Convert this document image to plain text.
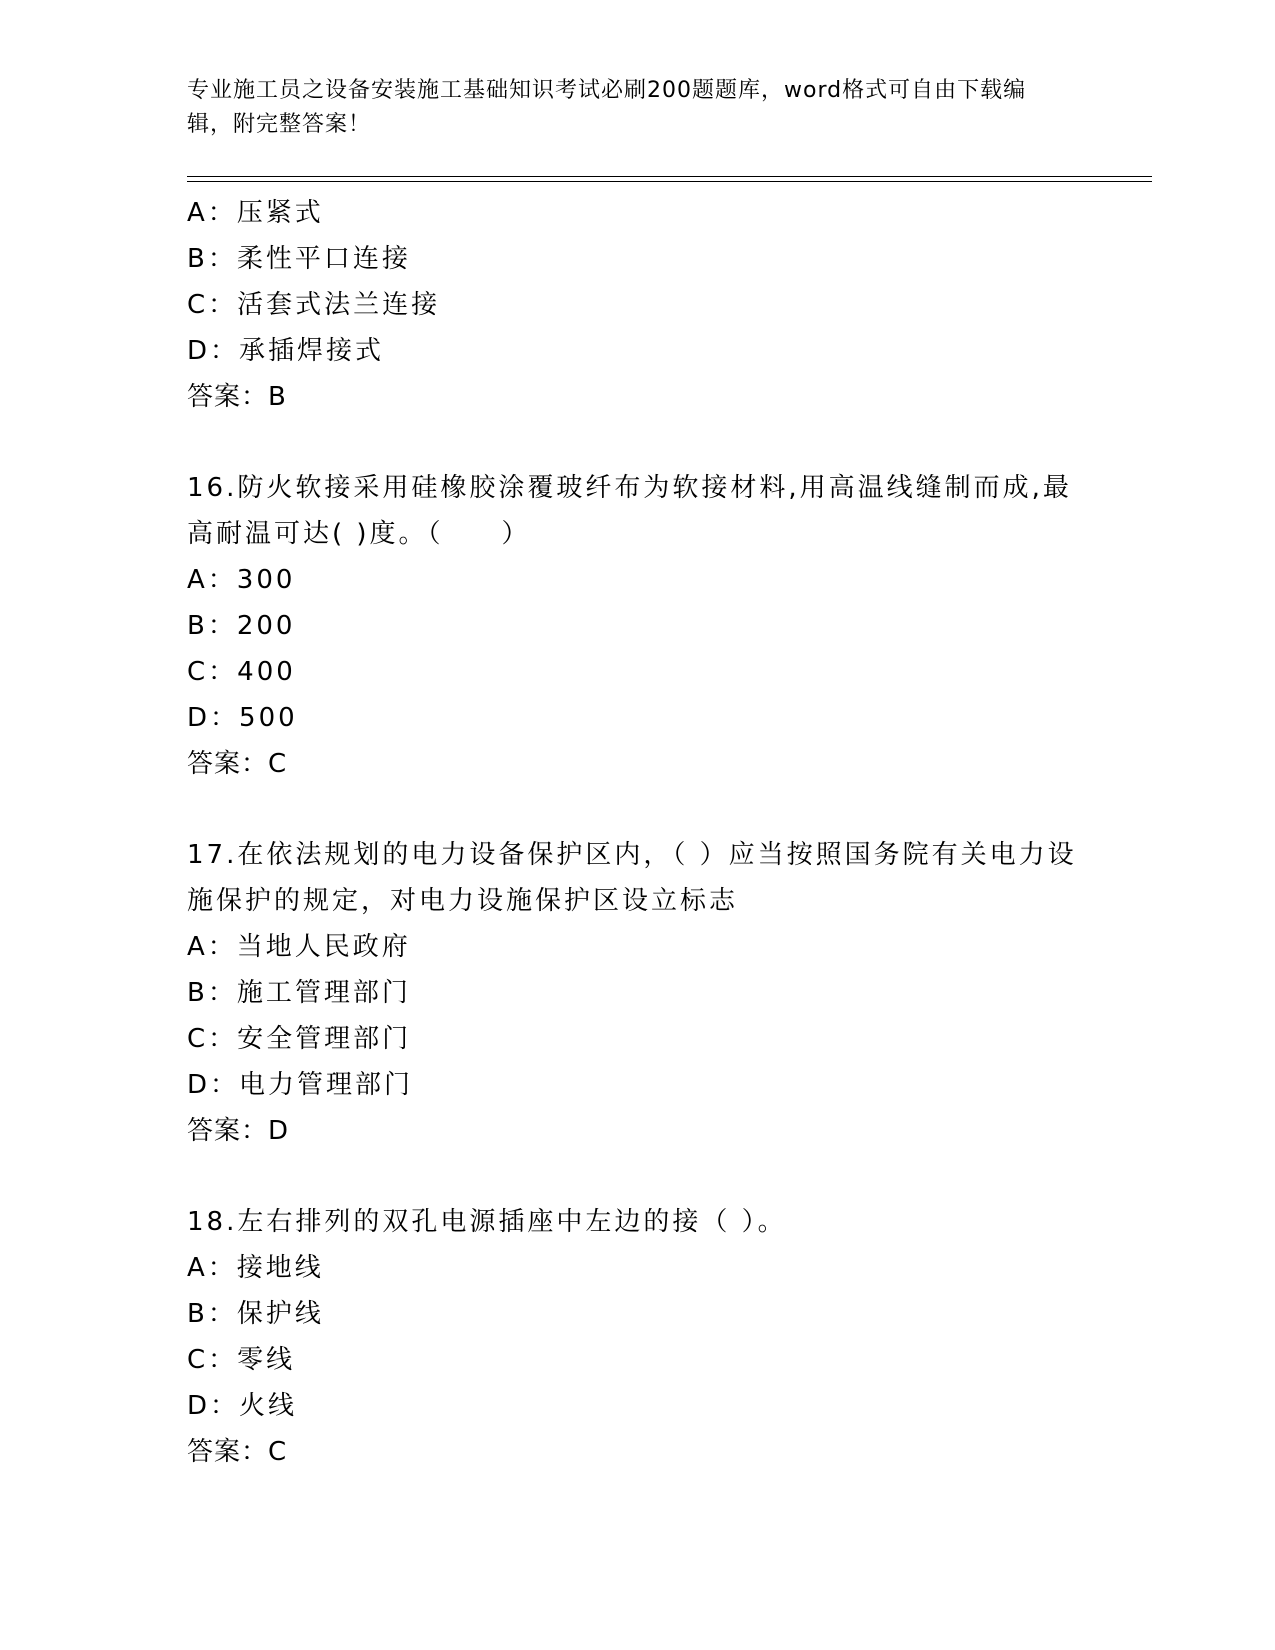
专业施工员之设备安装施工基础知识考试必刷200题题库，word格式可自由下载编辑，附完整答案！
A：压紧式
B：柔性平口连接
C：活套式法兰连接
D：承插焊接式
答案：B
16.防火软接采用硅橡胶涂覆玻纤布为软接材料,用高温线缝制而成,最高耐温可达( )度。（　　）
A：300
B：200
C：400
D：500
答案：C
17.在依法规划的电力设备保护区内，（ ）应当按照国务院有关电力设施保护的规定，对电力设施保护区设立标志
A：当地人民政府
B：施工管理部门
C：安全管理部门
D：电力管理部门
答案：D
18.左右排列的双孔电源插座中左边的接（ ）。
A：接地线
B：保护线
C：零线
D：火线
答案：C
